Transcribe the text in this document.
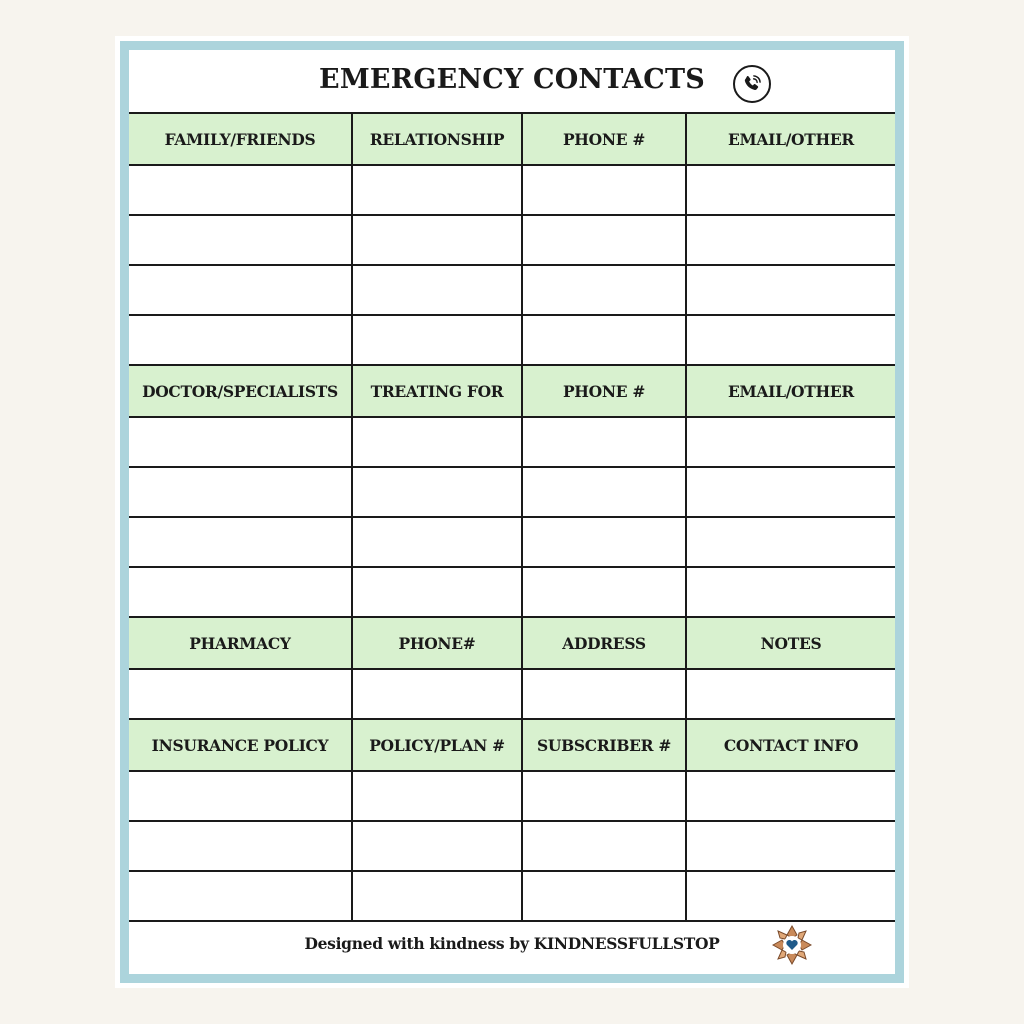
EMERGENCY CONTACTS
FAMILY/FRIENDS	RELATIONSHIP	PHONE #	EMAIL/OTHER

DOCTOR/SPECIALISTS	TREATING FOR	PHONE #	EMAIL/OTHER

PHARMACY	PHONE#	ADDRESS	NOTES

INSURANCE POLICY	POLICY/PLAN #	SUBSCRIBER #	CONTACT INFO

Designed with kindness by KINDNESSFULLSTOP
